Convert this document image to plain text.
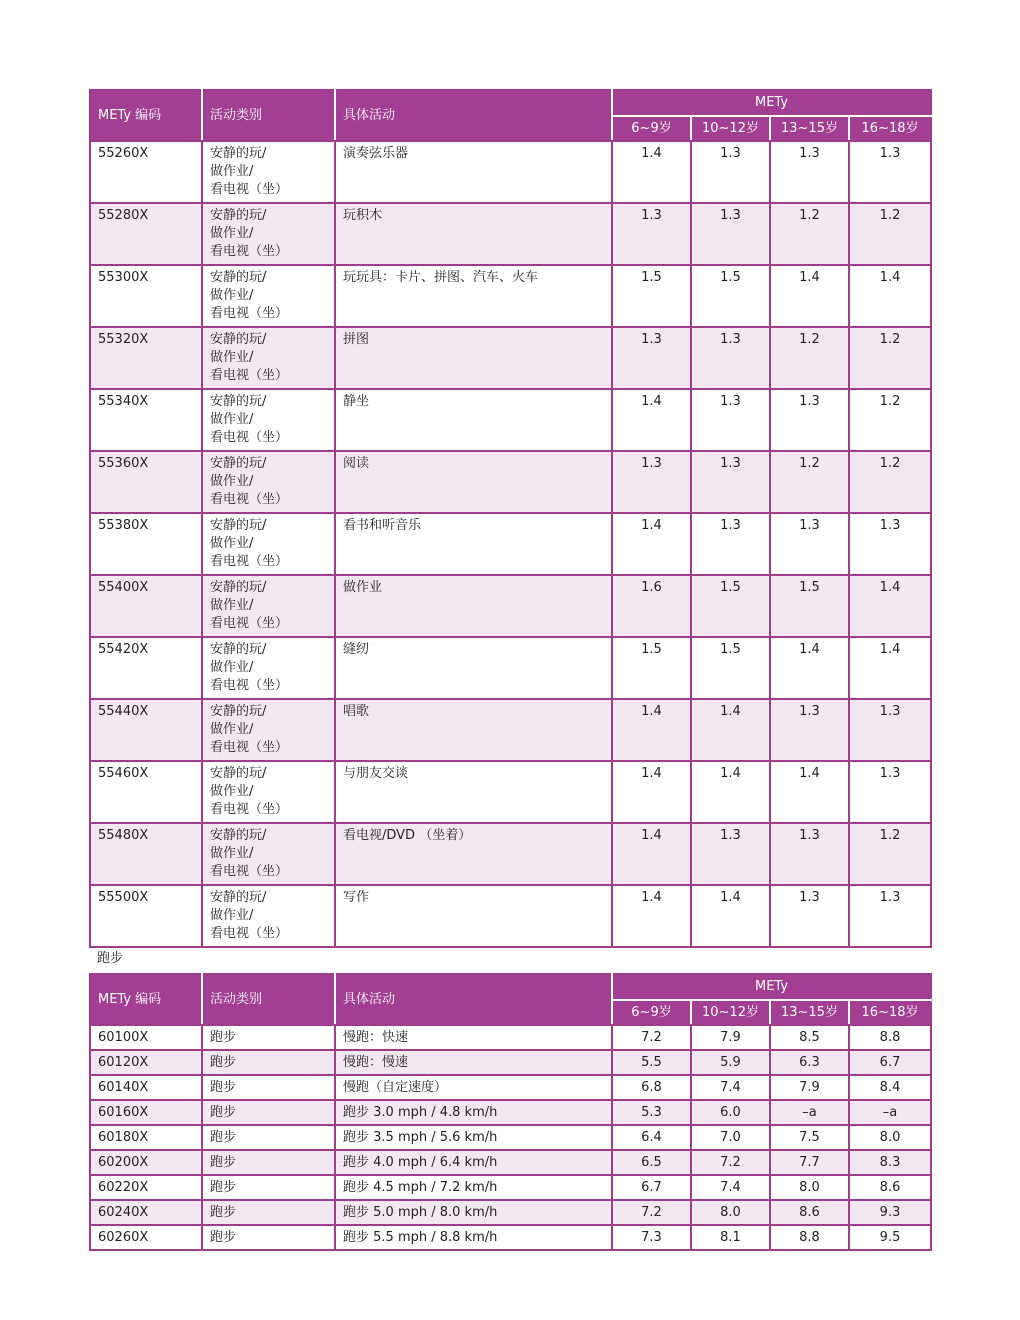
METy 编码	活动类别	具体活动	METy			
			6~9岁	10~12岁	13~15岁	16~18岁
55260X	安静的玩/
做作业/
看电视（坐）	演奏弦乐器	1.4	1.3	1.3	1.3
55280X	安静的玩/
做作业/
看电视（坐）	玩积木	1.3	1.3	1.2	1.2
55300X	安静的玩/
做作业/
看电视（坐）	玩玩具：卡片、拼图、汽车、火车	1.5	1.5	1.4	1.4
55320X	安静的玩/
做作业/
看电视（坐）	拼图	1.3	1.3	1.2	1.2
55340X	安静的玩/
做作业/
看电视（坐）	静坐	1.4	1.3	1.3	1.2
55360X	安静的玩/
做作业/
看电视（坐）	阅读	1.3	1.3	1.2	1.2
55380X	安静的玩/
做作业/
看电视（坐）	看书和听音乐	1.4	1.3	1.3	1.3
55400X	安静的玩/
做作业/
看电视（坐）	做作业	1.6	1.5	1.5	1.4
55420X	安静的玩/
做作业/
看电视（坐）	缝纫	1.5	1.5	1.4	1.4
55440X	安静的玩/
做作业/
看电视（坐）	唱歌	1.4	1.4	1.3	1.3
55460X	安静的玩/
做作业/
看电视（坐）	与朋友交谈	1.4	1.4	1.4	1.3
55480X	安静的玩/
做作业/
看电视（坐）	看电视/DVD （坐着）	1.4	1.3	1.3	1.2
55500X	安静的玩/
做作业/
看电视（坐）	写作	1.4	1.4	1.3	1.3
跑步
METy 编码	活动类别	具体活动	METy			
			6~9岁	10~12岁	13~15岁	16~18岁
60100X	跑步	慢跑：快速	7.2	7.9	8.5	8.8
60120X	跑步	慢跑：慢速	5.5	5.9	6.3	6.7
60140X	跑步	慢跑（自定速度）	6.8	7.4	7.9	8.4
60160X	跑步	跑步 3.0 mph / 4.8 km/h	5.3	6.0	–a	–a
60180X	跑步	跑步 3.5 mph / 5.6 km/h	6.4	7.0	7.5	8.0
60200X	跑步	跑步 4.0 mph / 6.4 km/h	6.5	7.2	7.7	8.3
60220X	跑步	跑步 4.5 mph / 7.2 km/h	6.7	7.4	8.0	8.6
60240X	跑步	跑步 5.0 mph / 8.0 km/h	7.2	8.0	8.6	9.3
60260X	跑步	跑步 5.5 mph / 8.8 km/h	7.3	8.1	8.8	9.5
